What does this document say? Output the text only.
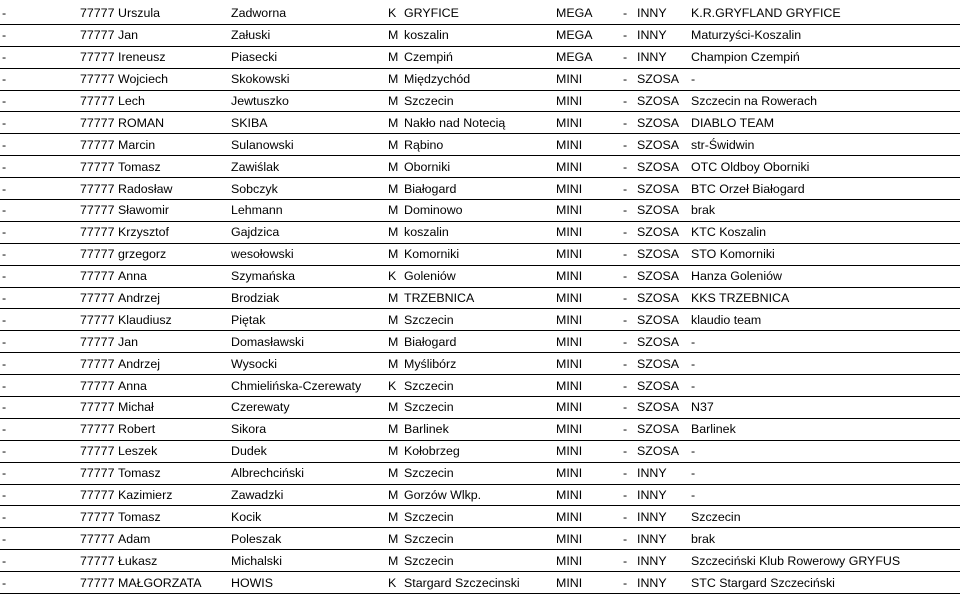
-	77777	Urszula	Zadworna	K	GRYFICE	MEGA	-	INNY	K.R.GRYFLAND GRYFICE
-	77777	Jan	Załuski	M	koszalin	MEGA	-	INNY	Maturzyści-Koszalin
-	77777	Ireneusz	Piasecki	M	Czempiń	MEGA	-	INNY	Champion Czempiń
-	77777	Wojciech	Skokowski	M	Międzychód	MINI	-	SZOSA	-
-	77777	Lech	Jewtuszko	M	Szczecin	MINI	-	SZOSA	Szczecin na Rowerach
-	77777	ROMAN	SKIBA	M	Nakło nad Notecią	MINI	-	SZOSA	DIABLO TEAM
-	77777	Marcin	Sulanowski	M	Rąbino	MINI	-	SZOSA	str-Świdwin
-	77777	Tomasz	Zawiślak	M	Oborniki	MINI	-	SZOSA	OTC Oldboy Oborniki
-	77777	Radosław	Sobczyk	M	Białogard	MINI	-	SZOSA	BTC Orzeł Białogard
-	77777	Sławomir	Lehmann	M	Dominowo	MINI	-	SZOSA	brak
-	77777	Krzysztof	Gajdzica	M	koszalin	MINI	-	SZOSA	KTC Koszalin
-	77777	grzegorz	wesołowski	M	Komorniki	MINI	-	SZOSA	STO Komorniki
-	77777	Anna	Szymańska	K	Goleniów	MINI	-	SZOSA	Hanza Goleniów
-	77777	Andrzej	Brodziak	M	TRZEBNICA	MINI	-	SZOSA	KKS TRZEBNICA
-	77777	Klaudiusz	Piętak	M	Szczecin	MINI	-	SZOSA	klaudio team
-	77777	Jan	Domasławski	M	Białogard	MINI	-	SZOSA	-
-	77777	Andrzej	Wysocki	M	Myślibórz	MINI	-	SZOSA	-
-	77777	Anna	Chmielińska-Czerewaty	K	Szczecin	MINI	-	SZOSA	-
-	77777	Michał	Czerewaty	M	Szczecin	MINI	-	SZOSA	N37
-	77777	Robert	Sikora	M	Barlinek	MINI	-	SZOSA	Barlinek
-	77777	Leszek	Dudek	M	Kołobrzeg	MINI	-	SZOSA	-
-	77777	Tomasz	Albrechciński	M	Szczecin	MINI	-	INNY	-
-	77777	Kazimierz	Zawadzki	M	Gorzów Wlkp.	MINI	-	INNY	-
-	77777	Tomasz	Kocik	M	Szczecin	MINI	-	INNY	Szczecin
-	77777	Adam	Poleszak	M	Szczecin	MINI	-	INNY	brak
-	77777	Łukasz	Michalski	M	Szczecin	MINI	-	INNY	Szczeciński Klub Rowerowy GRYFUS
-	77777	MAŁGORZATA	HOWIS	K	Stargard Szczecinski	MINI	-	INNY	STC Stargard Szczeciński
